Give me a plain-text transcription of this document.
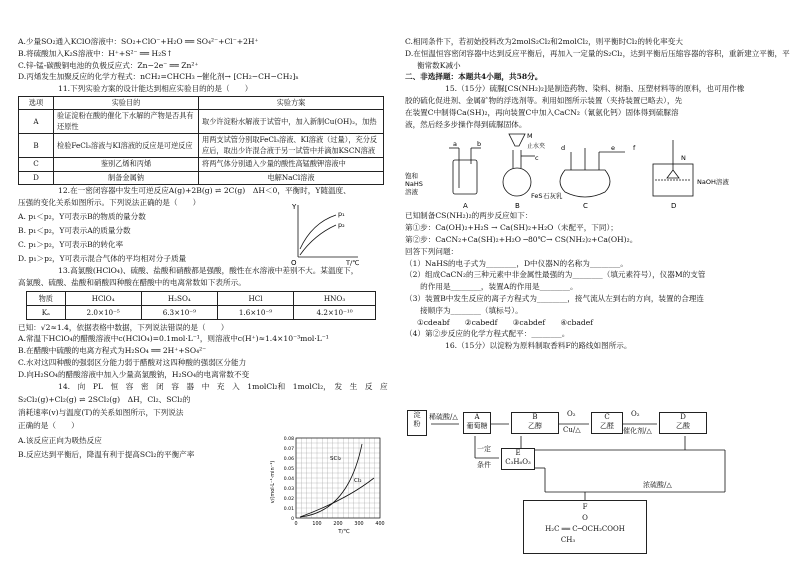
A.少量SO₂通入KClO溶液中：SO₂+ClO⁻+H₂O ══ SO₄²⁻+Cl⁻+2H⁺
B.将硫酸加入K₂S溶液中：H⁺+S²⁻ ══ H₂S↑
C.锌-锰-碳酸铜电池的负极反应式：Zn−2e⁻ ══ Zn²⁺
D.丙烯发生加聚反应的化学方程式：nCH₂=CHCH₃ ─催化剂→ [CH₂−CH−CH₂]ₙ
11.下列实验方案的设计能达到相应实验目的的是（　　）
选项	实验目的	实验方案
A	验证淀粉在酸的催化下水解的产物是否具有还原性	取少许淀粉水解液于试管中，加入新制Cu(OH)₂，加热
B	检验FeCl₃溶液与KI溶液的反应是可逆反应	用两支试管分别取FeCl₃溶液、KI溶液（过量），充分反应后，取出少许混合液于另一试管中并滴加KSCN溶液
C	鉴别乙烯和丙烯	将两气体分别通入少量的酸性高锰酸钾溶液中
D	制备金属钠	电解NaCl溶液
12.在一密闭容器中发生可逆反应A(g)+2B(g) ⇌ 2C(g)　ΔH＜0，平衡时，Y随温度、
压强的变化关系如图所示。下列说法正确的是（　　）
A. p₁＜p₂，Y可表示B的物质的量分数
B. p₁＜p₂，Y可表示A的质量分数
C. p₁＞p₂，Y可表示B的转化率
D. p₁＞p₂，Y可表示混合气体的平均相对分子质量
Y
O	T/℃
p₁
p₂
13.高氯酸(HClO₄)、硫酸、盐酸和硝酸都是强酸，酸性在水溶液中差别不大。某温度下，
高氯酸、硫酸、盐酸和硝酸四种酸在醋酸中的电离常数如下表所示。
物质	HClO₄	H₂SO₄	HCl	HNO₃
Kₐ	2.0×10⁻⁵	6.3×10⁻⁹	1.6×10⁻⁹	4.2×10⁻¹⁰
已知：√2≈1.4，依据表格中数据，下列说法错误的是（　　）
A.常温下HClO₄的醋酸溶液中c(HClO₄)=0.1mol·L⁻¹，则溶液中c(H⁺)≈1.4×10⁻³mol·L⁻¹
B.在醋酸中硫酸的电离方程式为H₂SO₄ ══ 2H⁺+SO₄²⁻
C.水对这四种酸的强弱区分能力弱于醋酸对这四种酸的强弱区分能力
D.向H₂SO₄的醋酸溶液中加入少量高氯酸钠，H₂SO₄的电离常数不变
14.　向　PL　恒　容　密　闭　容　器　中　充　入　1molCl₂和　1molCl₂，　发　生　反　应
S₂Cl₂(g)+Cl₂(g) ⇌ 2SCl₂(g)　ΔH，Cl₂、SCl₂的
消耗速率(v)与温度(T)的关系如图所示，下列说法
正确的是（　　）
A.该反应正向为吸热反应
B.反应达到平衡后，降温有利于提高SCl₂的平衡产率
0.08
0.07
0.06
0.05
0.04
0.03
0.02
0.01
0
0	100 200 300 400
v/(mol·L⁻¹·min⁻¹)
T/℃
SCl₂
Cl₂
C.相同条件下，若初始投料改为2molS₂Cl₂和2molCl₂，则平衡时Cl₂的转化率变大
D.在恒温恒容密闭容器中达到反应平衡后，再加入一定量的S₂Cl₂，达到平衡后压缩容器的容积，重新建立平衡，平
衡常数K减小
二、非选择题：本题共4小题，共58分。
15.（15分）硫脲[CS(NH₂)₂]是制造药物、染料、树脂、压塑材料等的原料，也可用作橡
胶的硫化促进剂、金属矿物的浮选剂等。利用如图所示装置（夹持装置已略去），先
在装置C中制得Ca(SH)₂，再向装置C中加入CaCN₂（氰氨化钙）固体得到硫脲溶
液，然后经多步操作得到硫脲固体。
饱和
NaHS
溶液
a	b
M
止水夹
FeS
c
石灰乳
d	e	f
N
NaOH溶液
A	B	C	D
已知制备CS(NH₂)₂的两步反应如下：
第①步：Ca(OH)₂+H₂S → Ca(SH)₂+H₂O（未配平，下同）；
第②步：CaCN₂+Ca(SH)₂+H₂O ─80℃→ CS(NH₂)₂+Ca(OH)₂。
回答下列问题：
（1）NaHS的电子式为________，D中仪器N的名称为________。
（2）组成CaCN₂的三种元素中非金属性最强的为________（填元素符号），仪器M的支管
　　的作用是________，装置A的作用是________。
（3）装置B中发生反应的离子方程式为________，接气流从左到右的方向，装置的合理连
　　接顺序为________（填标号）。
①cdeabf　　②cabedf　　③cabdef　　④cbadef
（4）第②步反应的化学方程式配平：________。
16.（15分）以淀粉为原料制取香料F的路线如图所示。
淀
粉
稀硫酸/△	A
葡萄糖
B
乙醇
O₂
Cu/△
C
乙醛
O₂
催化剂/△
D
乙酸
一定
条件
E
C₃H₆O₃
浓硫酸/△
F
O
H₂C ══ C─OCH₂COOH
CH₃
